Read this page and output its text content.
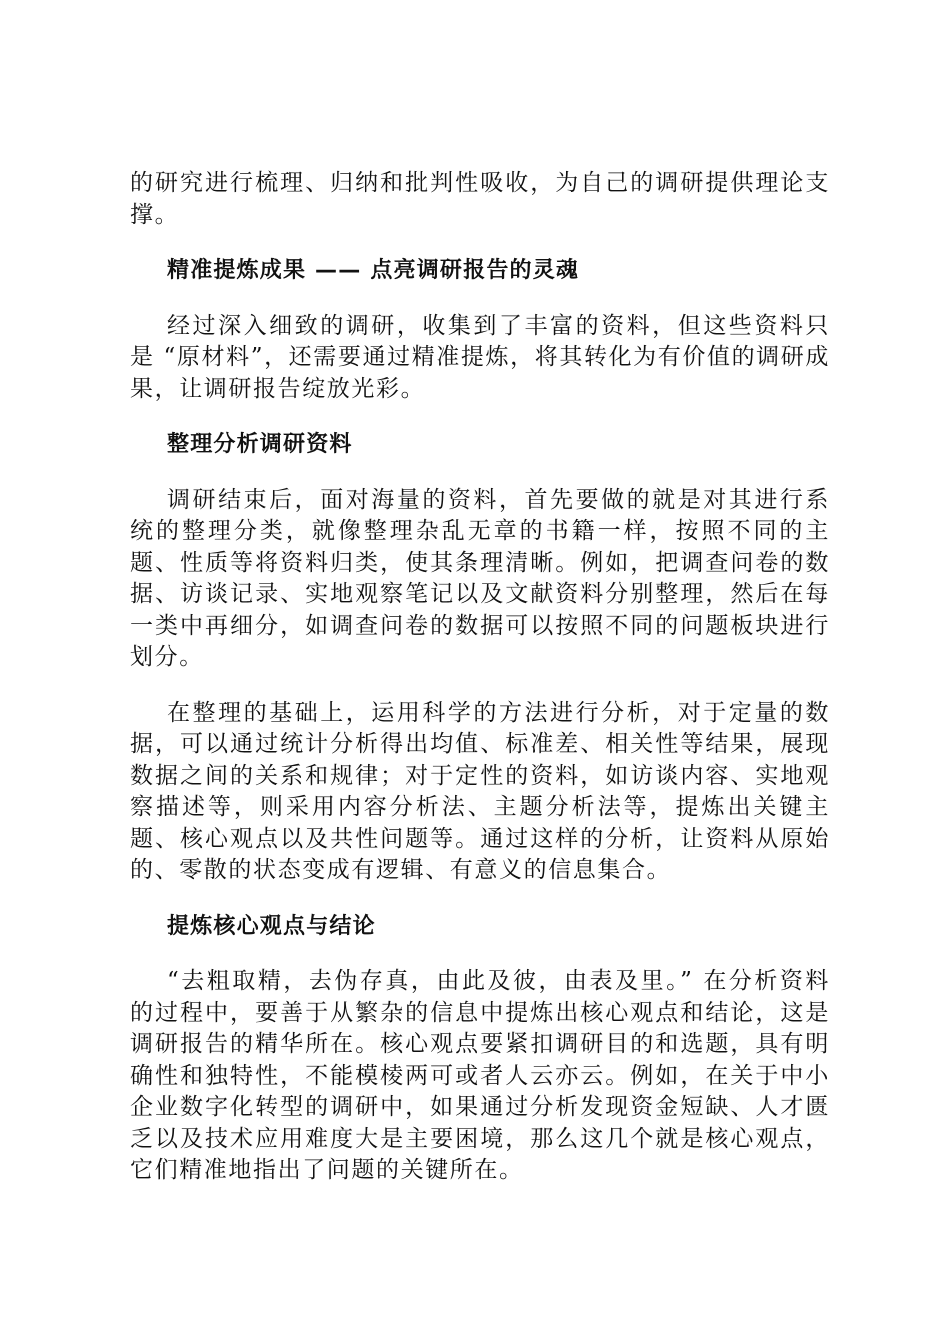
的研究进行梳理、归纳和批判性吸收，为自己的调研提供理论支撑。

精准提炼成果 —— 点亮调研报告的灵魂

经过深入细致的调研，收集到了丰富的资料，但这些资料只是 “原材料”，还需要通过精准提炼，将其转化为有价值的调研成果，让调研报告绽放光彩。

整理分析调研资料

调研结束后，面对海量的资料，首先要做的就是对其进行系统的整理分类，就像整理杂乱无章的书籍一样，按照不同的主题、性质等将资料归类，使其条理清晰。例如，把调查问卷的数据、访谈记录、实地观察笔记以及文献资料分别整理，然后在每一类中再细分，如调查问卷的数据可以按照不同的问题板块进行划分。

在整理的基础上，运用科学的方法进行分析，对于定量的数据，可以通过统计分析得出均值、标准差、相关性等结果，展现数据之间的关系和规律；对于定性的资料，如访谈内容、实地观察描述等，则采用内容分析法、主题分析法等，提炼出关键主题、核心观点以及共性问题等。通过这样的分析，让资料从原始的、零散的状态变成有逻辑、有意义的信息集合。

提炼核心观点与结论

“去粗取精，去伪存真，由此及彼，由表及里。” 在分析资料的过程中，要善于从繁杂的信息中提炼出核心观点和结论，这是调研报告的精华所在。核心观点要紧扣调研目的和选题，具有明确性和独特性，不能模棱两可或者人云亦云。例如，在关于中小企业数字化转型的调研中，如果通过分析发现资金短缺、人才匮乏以及技术应用难度大是主要困境，那么这几个就是核心观点，它们精准地指出了问题的关键所在。
